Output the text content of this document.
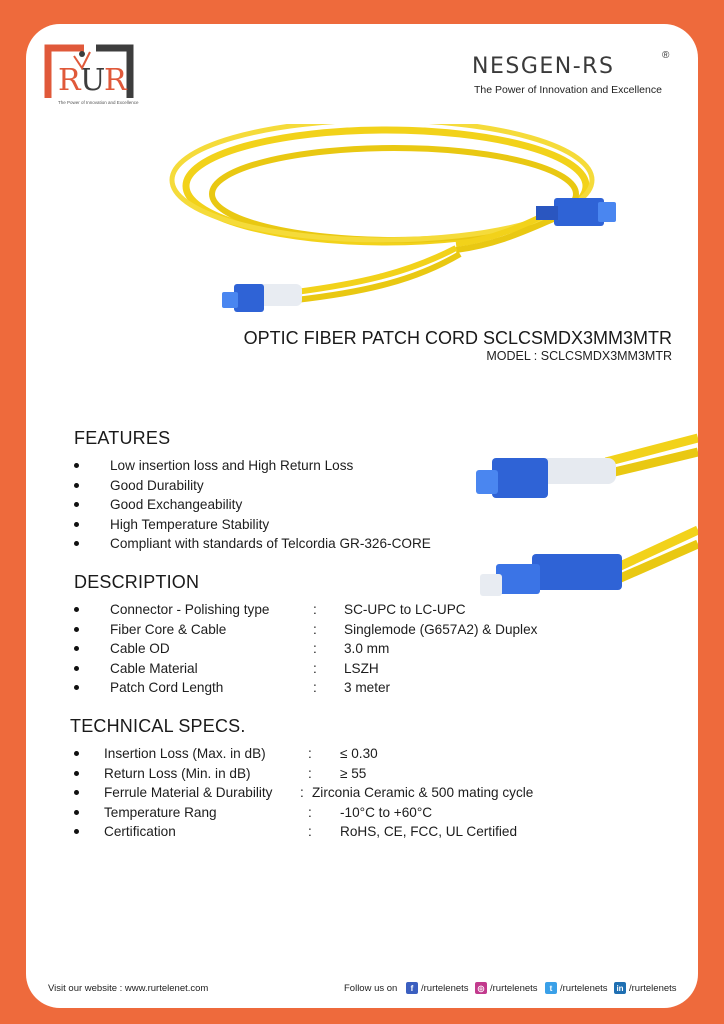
R U
R
The Power of Innovation and Excellence
NESGEN-RS	®
The Power of Innovation and Excellence
OPTIC FIBER PATCH CORD SCLCSMDX3MM3MTR
MODEL : SCLCSMDX3MM3MTR
FEATURES
Low insertion loss and High Return Loss
Good Durability
Good Exchangeability
High Temperature Stability
Compliant with standards of Telcordia GR-326-CORE
DESCRIPTION
Connector - Polishing type	: SC-UPC to LC-UPC
Fiber Core & Cable	: Singlemode (G657A2) & Duplex
Cable OD	: 3.0 mm
Cable Material	: LSZH
Patch Cord Length	: 3 meter
TECHNICAL SPECS.
Insertion Loss (Max. in dB)	: ≤ 0.30
Return Loss (Min. in dB)	: ≥ 55
Ferrule Material & Durability : Zirconia Ceramic & 500 mating cycle
Temperature Rang	: -10°C to +60°C
Certification	: RoHS, CE, FCC, UL Certified
Visit our website : www.rurtelenet.com	Follow us on	f /rurtelenets	◎ /rurtelenets	t /rurtelenets	in /rurtelenets
